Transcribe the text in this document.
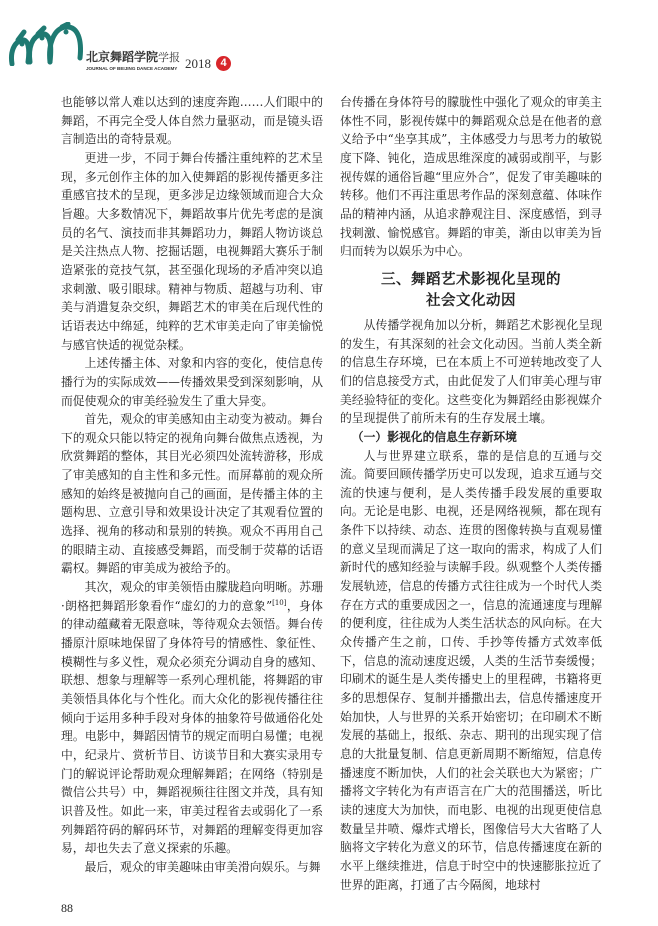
北京舞蹈学院学报
JOURNAL OF BEIJING DANCE ACADEMY 2018 4

也能够以常人难以达到的速度奔跑……人们眼中的舞蹈，不再完全受人体自然力量驱动，而是镜头语言制造出的奇特景观。

更进一步，不同于舞台传播注重纯粹的艺术呈现，多元创作主体的加入使舞蹈的影视传播更多注重感官技术的呈现，更多涉足边缘领域而迎合大众旨趣。大多数情况下，舞蹈故事片优先考虑的是演员的名气、演技而非其舞蹈功力，舞蹈人物访谈总是关注热点人物、挖掘话题，电视舞蹈大赛乐于制造紧张的竞技气氛，甚至强化现场的矛盾冲突以追求刺激、吸引眼球。精神与物质、超越与功利、审美与消遣复杂交织，舞蹈艺术的审美在后现代性的话语表达中绵延，纯粹的艺术审美走向了审美愉悦与感官快适的视觉杂糅。

上述传播主体、对象和内容的变化，使信息传播行为的实际成效——传播效果受到深刻影响，从而促使观众的审美经验发生了重大异变。

首先，观众的审美感知由主动变为被动。舞台下的观众只能以特定的视角向舞台做焦点透视，为欣赏舞蹈的整体，其目光必须四处流转游移，形成了审美感知的自主性和多元性。而屏幕前的观众所感知的始终是被抛向自己的画面，是传播主体的主题构思、立意引导和效果设计决定了其观看位置的选择、视角的移动和景别的转换。观众不再用自己的眼睛主动、直接感受舞蹈，而受制于荧幕的话语霸权。舞蹈的审美成为被给予的。

其次，观众的审美领悟由朦胧趋向明晰。苏珊·朗格把舞蹈形象看作“虚幻的力的意象”[10]，身体的律动蕴藏着无限意味，等待观众去领悟。舞台传播原汁原味地保留了身体符号的情感性、象征性、模糊性与多义性，观众必须充分调动自身的感知、联想、想象与理解等一系列心理机能，将舞蹈的审美领悟具体化与个性化。而大众化的影视传播往往倾向于运用多种手段对身体的抽象符号做通俗化处理。电影中，舞蹈因情节的规定而明白易懂；电视中，纪录片、赏析节目、访谈节目和大赛实录用专门的解说评论帮助观众理解舞蹈；在网络（特别是微信公共号）中，舞蹈视频往往图文并茂，具有知识普及性。如此一来，审美过程省去或弱化了一系列舞蹈符码的解码环节，对舞蹈的理解变得更加容易，却也失去了意义探索的乐趣。

最后，观众的审美趣味由审美滑向娱乐。与舞

台传播在身体符号的朦胧性中强化了观众的审美主体性不同，影视传媒中的舞蹈观众总是在他者的意义给予中“坐享其成”，主体感受力与思考力的敏锐度下降、钝化，造成思维深度的减弱或削平，与影视传媒的通俗旨趣“里应外合”，促发了审美趣味的转移。他们不再注重思考作品的深刻意蕴、体味作品的精神内涵，从追求静观注目、深度感悟，到寻找刺激、愉悦感官。舞蹈的审美，渐由以审美为旨归而转为以娱乐为中心。

三、舞蹈艺术影视化呈现的
社会文化动因

从传播学视角加以分析，舞蹈艺术影视化呈现的发生，有其深刻的社会文化动因。当前人类全新的信息生存环境，已在本质上不可逆转地改变了人们的信息接受方式，由此促发了人们审美心理与审美经验特征的变化。这些变化为舞蹈经由影视媒介的呈现提供了前所未有的生存发展土壤。

（一）影视化的信息生存新环境

人与世界建立联系，靠的是信息的互通与交流。简要回顾传播学历史可以发现，追求互通与交流的快速与便利，是人类传播手段发展的重要取向。无论是电影、电视，还是网络视频，都在现有条件下以持续、动态、连贯的图像转换与直观易懂的意义呈现而满足了这一取向的需求，构成了人们新时代的感知经验与读解手段。纵观整个人类传播发展轨迹，信息的传播方式往往成为一个时代人类存在方式的重要成因之一，信息的流通速度与理解的便利度，往往成为人类生活状态的风向标。在大众传播产生之前，口传、手抄等传播方式效率低下，信息的流动速度迟缓，人类的生活节奏缓慢；印刷术的诞生是人类传播史上的里程碑，书籍将更多的思想保存、复制并播撒出去，信息传播速度开始加快，人与世界的关系开始密切；在印刷术不断发展的基础上，报纸、杂志、期刊的出现实现了信息的大批量复制、信息更新周期不断缩短，信息传播速度不断加快，人们的社会关联也大为紧密；广播将文字转化为有声语言在广大的范围播送，听比读的速度大为加快，而电影、电视的出现更使信息数量呈井喷、爆炸式增长，图像信号大大省略了人脑将文字转化为意义的环节，信息传播速度在新的水平上继续推进，信息于时空中的快速膨胀拉近了世界的距离，打通了古今隔阂，地球村

88
